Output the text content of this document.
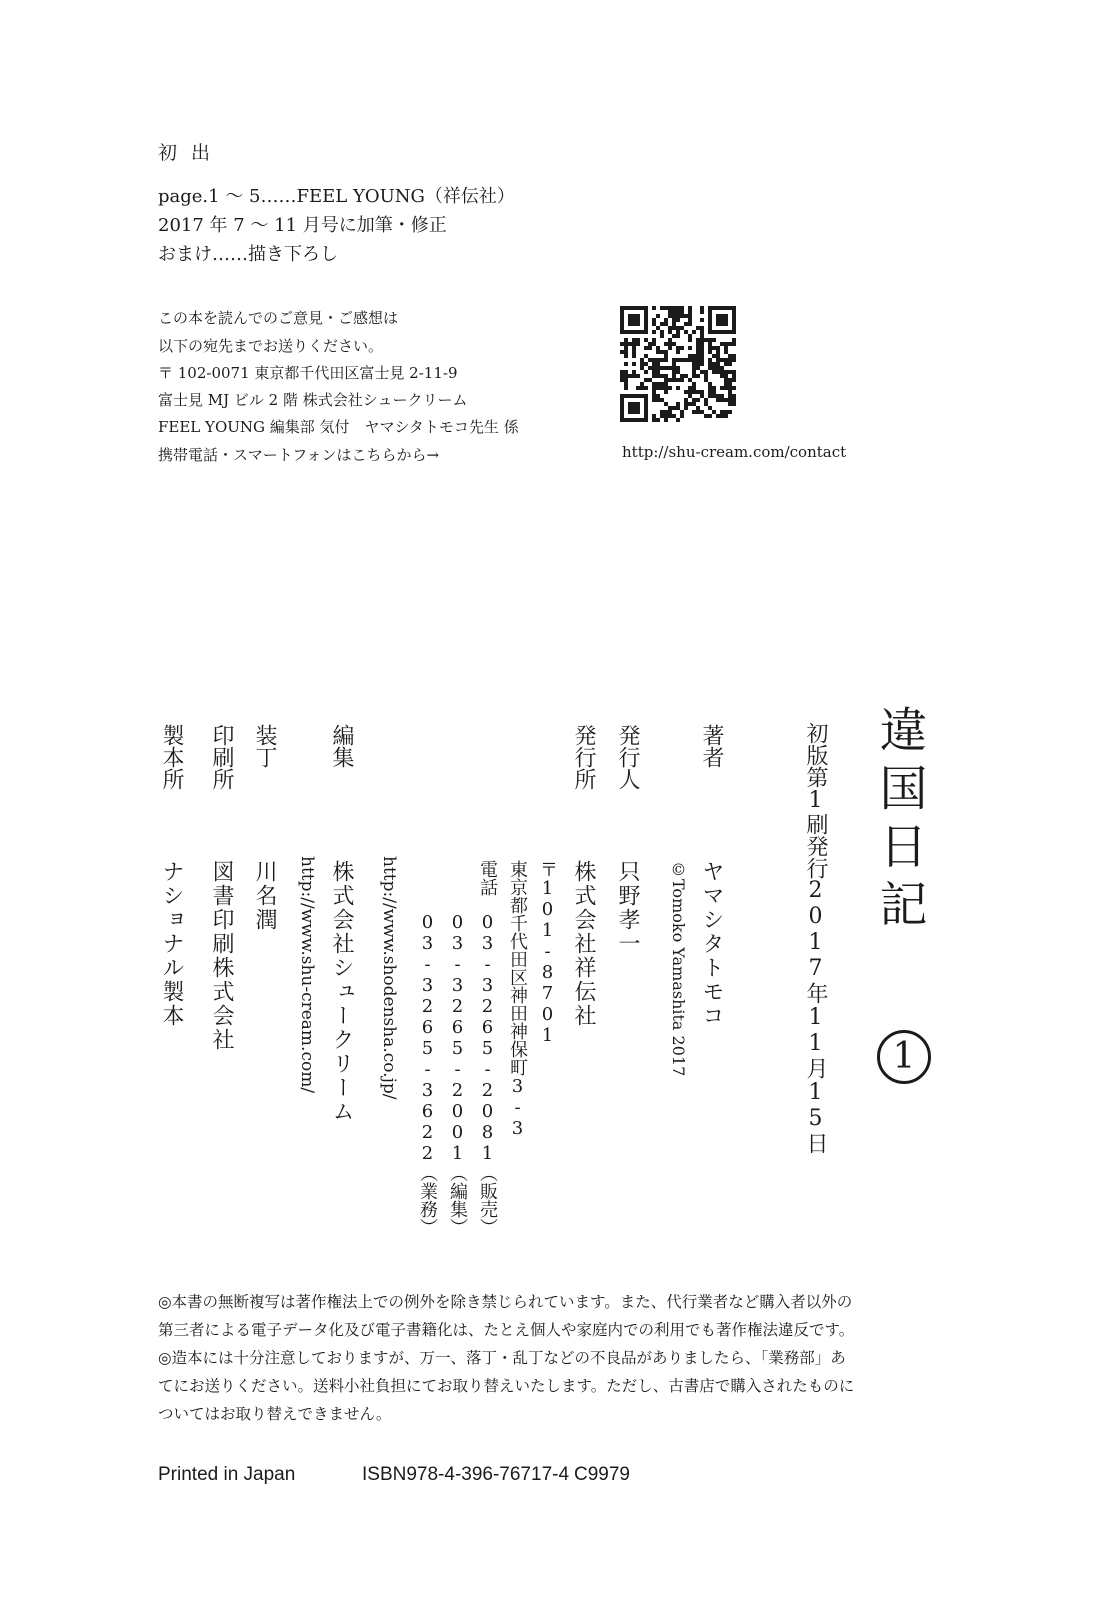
初 出
page.1 ～ 5……FEEL YOUNG（祥伝社）
2017 年 7 ～ 11 月号に加筆・修正
おまけ……描き下ろし
この本を読んでのご意見・ご感想は
以下の宛先までお送りください。
〒 102-0071 東京都千代田区富士見 2-11-9
富士見 MJ ビル 2 階 株式会社シュークリーム
FEEL YOUNG 編集部 気付　ヤマシタトモコ先生 係
携帯電話・スマートフォンはこちらから→	http://shu-cream.com/contact
違国日記
1
初版第1刷発行
2017年11月15日
著者
ヤマシタトモコ
©Tomoko Yamashita 2017
発行人
只野孝一
発行所
株式会社祥伝社
〒101-8701
東京都千代田区神田神保町3-3
電話
03-3265-2081（販売）
03-3265-2001（編集）
03-3265-3622（業務）
http://www.shodensha.co.jp/
編集
株式会社シュークリーム
http://www.shu-cream.com/
装丁
川名潤
印刷所
図書印刷株式会社
製本所
ナショナル製本
◎本書の無断複写は著作権法上での例外を除き禁じられています。また、代行業者など購入者以外の
第三者による電子データ化及び電子書籍化は、たとえ個人や家庭内での利用でも著作権法違反です。
◎造本には十分注意しておりますが、万一、落丁・乱丁などの不良品がありましたら、「業務部」あ
てにお送りください。送料小社負担にてお取り替えいたします。ただし、古書店で購入されたものに
ついてはお取り替えできません。
Printed in Japan	ISBN978-4-396-76717-4 C9979
